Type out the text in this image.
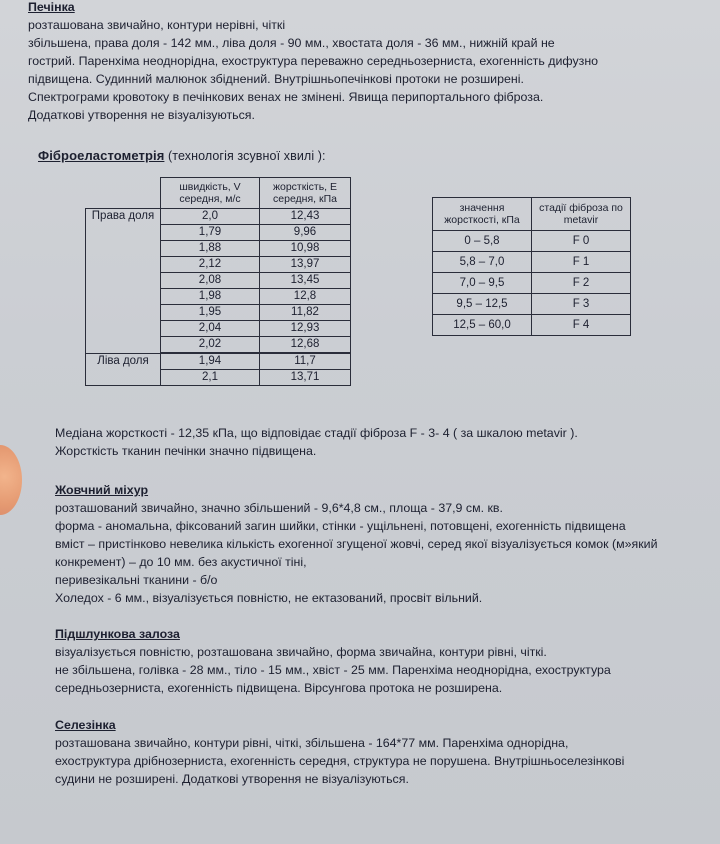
Печінка
розташована звичайно, контури нерівні, чіткі
збільшена, права доля - 142 мм., ліва доля - 90 мм., хвостата доля - 36 мм., нижній край не
гострий. Паренхіма неоднорідна, ехоструктура переважно середньозерниста, ехогенність дифузно
підвищена. Судинний малюнок збіднений. Внутрішньопечінкові протоки не розширені.
Спектрограми кровотоку в печінкових венах не змінені. Явища перипортального фіброза.
Додаткові утворення не візуалізуються.
Фіброеластометрія (технологія зсувної хвилі ):
	швидкість, V середня, м/с	жорсткість, Е середня, кПа
Права доля	2,0	12,43
	1,79	9,96
	1,88	10,98
	2,12	13,97
	2,08	13,45
	1,98	12,8
	1,95	11,82
	2,04	12,93
	2,02	12,68

Ліва доля	1,94	11,7
	2,1	13,71
значення жорсткості, кПа	стадії фіброза по metavir
0 – 5,8	F 0
5,8 – 7,0	F 1
7,0 – 9,5	F 2
9,5 – 12,5	F 3
12,5 – 60,0	F 4
Медіана жорсткості - 12,35 кПа, що відповідає стадії фіброза F - 3- 4 ( за шкалою metavir ).
Жорсткість тканин печінки значно підвищена.
Жовчний міхур
розташований звичайно, значно збільшений - 9,6*4,8 см., площа - 37,9 см. кв.
форма - аномальна, фіксований загин шийки, стінки - ущільнені, потовщені, ехогенність підвищена
вміст – пристінково невелика кількість ехогенної згущеної жовчі, серед якої візуалізується комок (м»який
конкремент) – до 10 мм. без акустичної тіні,
перивезікальні тканини - б/о
Холедох - 6 мм., візуалізується повністю, не ектазований, просвіт вільний.
Підшлункова залоза
візуалізується повністю, розташована звичайно, форма звичайна, контури рівні, чіткі.
не збільшена, голівка - 28 мм., тіло - 15 мм., хвіст - 25 мм. Паренхіма неоднорідна, ехоструктура
середньозерниста, ехогенність підвищена. Вірсунгова протока не розширена.
Селезінка
розташована звичайно, контури рівні, чіткі, збільшена - 164*77 мм. Паренхіма однорідна,
ехоструктура дрібнозерниста, ехогенність середня, структура не порушена. Внутрішньоселезінкові
судини не розширені. Додаткові утворення не візуалізуються.
